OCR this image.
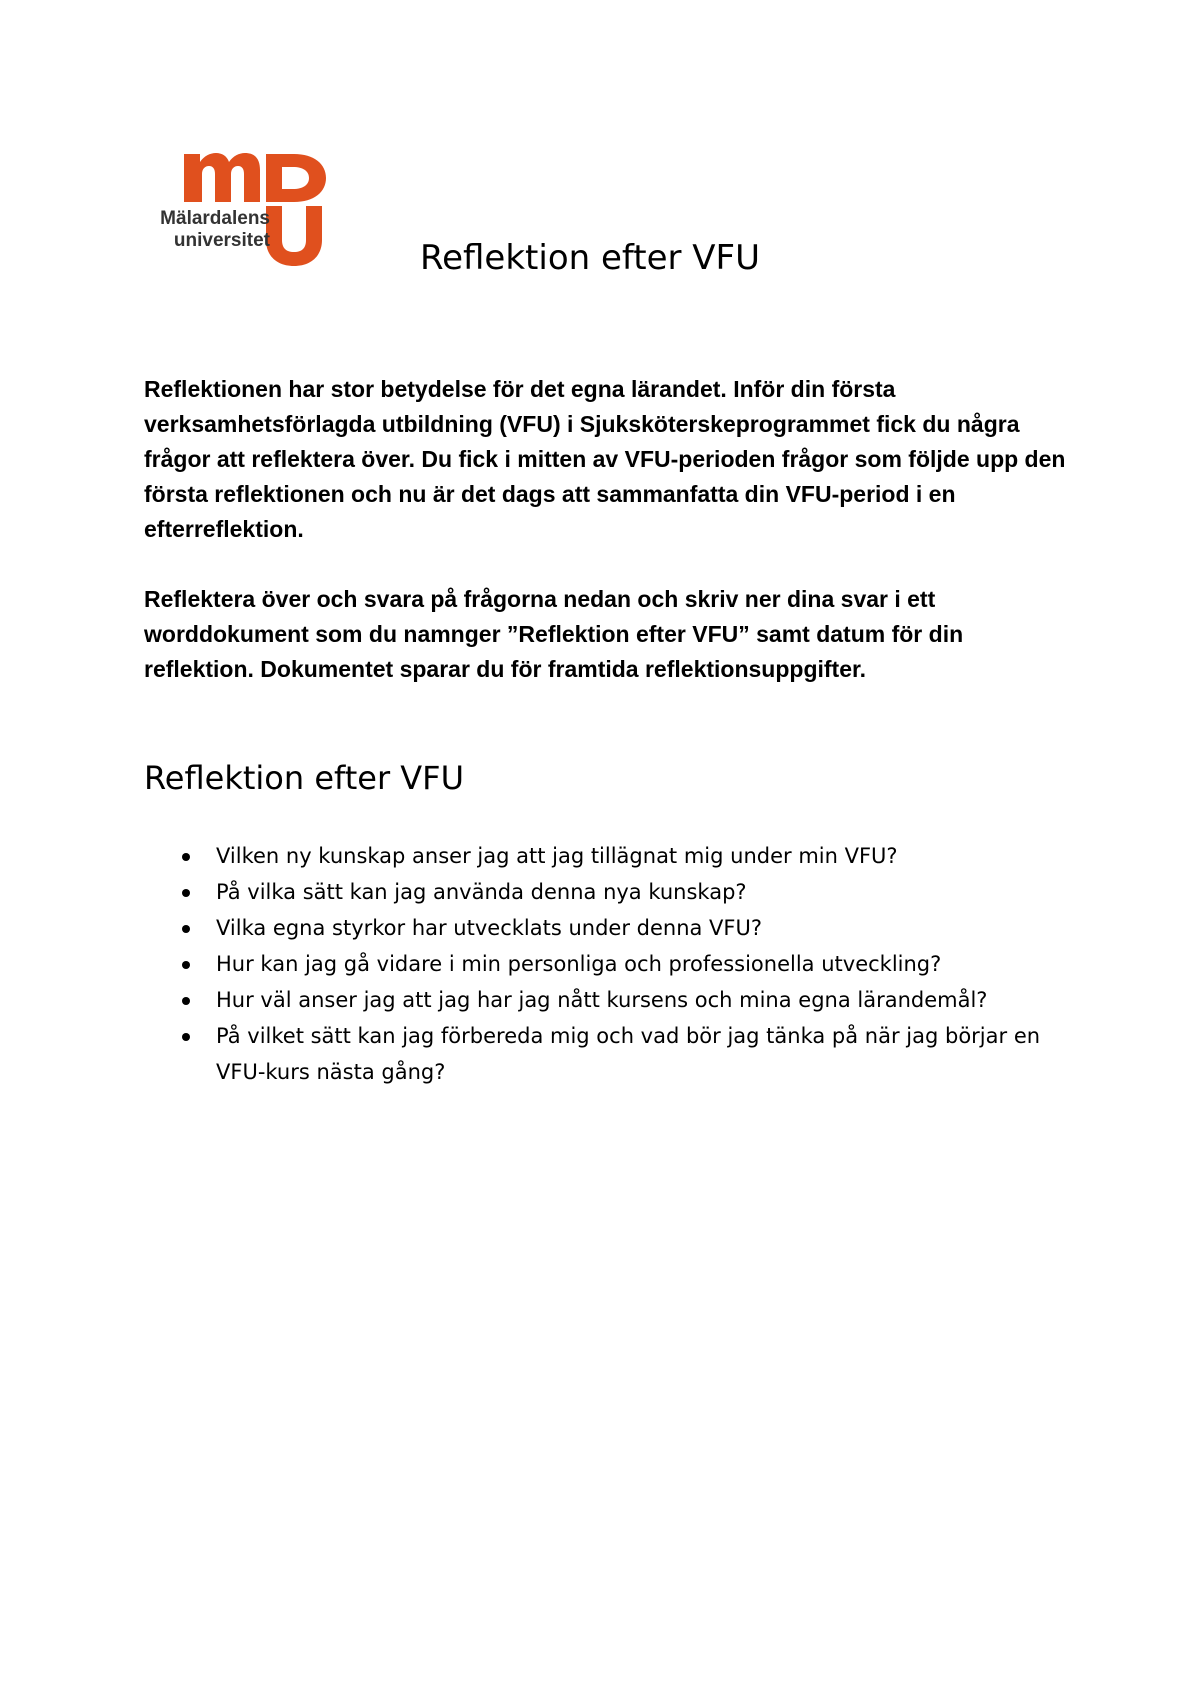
Mälardalens
universitet	Reflektion efter VFU

Reflektionen har stor betydelse för det egna lärandet. Inför din första verksamhetsförlagda utbildning (VFU) i Sjuksköterskeprogrammet fick du några frågor att reflektera över. Du fick i mitten av VFU-perioden frågor som följde upp den första reflektionen och nu är det dags att sammanfatta din VFU-period i en efterreflektion.

Reflektera över och svara på frågorna nedan och skriv ner dina svar i ett worddokument som du namnger ”Reflektion efter VFU” samt datum för din reflektion. Dokumentet sparar du för framtida reflektionsuppgifter.

Reflektion efter VFU
Vilken ny kunskap anser jag att jag tillägnat mig under min VFU?
På vilka sätt kan jag använda denna nya kunskap?
Vilka egna styrkor har utvecklats under denna VFU?
Hur kan jag gå vidare i min personliga och professionella utveckling?
Hur väl anser jag att jag har jag nått kursens och mina egna lärandemål?
På vilket sätt kan jag förbereda mig och vad bör jag tänka på när jag börjar en VFU-kurs nästa gång?
